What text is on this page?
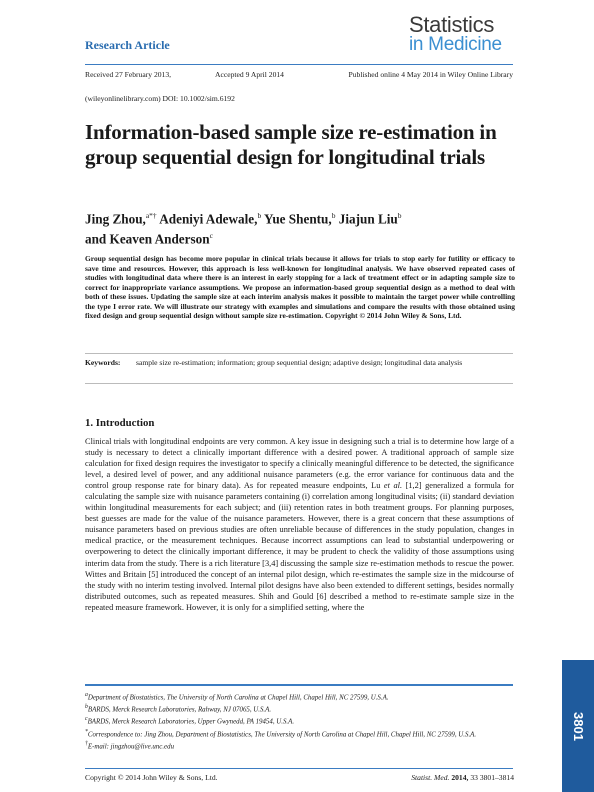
Research Article
Statistics
in Medicine
Received 27 February 2013,	Accepted 9 April 2014	Published online 4 May 2014 in Wiley Online Library
(wileyonlinelibrary.com) DOI: 10.1002/sim.6192
Information-based sample size re-estimation in group sequential design for longitudinal trials
Jing Zhou,$^{a*\dagger}$ Adeniyi Adewale,$^b$ Yue Shentu,$^b$ Jiajun Liu$^b$
and Keaven Anderson$^c$
Group sequential design has become more popular in clinical trials because it allows for trials to stop early for futility or efficacy to save time and resources. However, this approach is less well-known for longitudinal analysis. We have observed repeated cases of studies with longitudinal data where there is an interest in early stopping for a lack of treatment effect or in adapting sample size to correct for inappropriate variance assumptions. We propose an information-based group sequential design as a method to deal with both of these issues. Updating the sample size at each interim analysis makes it possible to maintain the target power while controlling the type I error rate. We will illustrate our strategy with examples and simulations and compare the results with those obtained using fixed design and group sequential design without sample size re-estimation. Copyright © 2014 John Wiley & Sons, Ltd.
Keywords: sample size re-estimation; information; group sequential design; adaptive design; longitudinal data analysis
1. Introduction
Clinical trials with longitudinal endpoints are very common. A key issue in designing such a trial is to determine how large of a study is necessary to detect a clinically important difference with a desired power. A traditional approach of sample size calculation for fixed design requires the investigator to specify a clinically meaningful difference to be detected, the significance level, a desired level of power, and any additional nuisance parameters (e.g. the error variance for continuous data and the control group response rate for binary data). As for repeated measure endpoints, Lu et al. [1,2] generalized a formula for calculating the sample size with nuisance parameters containing (i) correlation among longitudinal visits; (ii) standard deviation within longitudinal measurements for each subject; and (iii) retention rates in both treatment groups. For planning purposes, best guesses are made for the value of the nuisance parameters. However, there is a great concern that these assumptions of nuisance parameters based on previous studies are often unreliable because of differences in the study population, changes in medical practice, or the measurement techniques. Because incorrect assumptions can lead to substantial underpowering or overpowering to detect the clinically important difference, it may be prudent to check the validity of those assumptions using interim data from the study. There is a rich literature [3,4] discussing the sample size re-estimation methods to rescue the power. Wittes and Britain [5] introduced the concept of an internal pilot design, which re-estimates the sample size in the midcourse of the study with no interim testing involved. Internal pilot designs have also been extended to different settings, besides normally distributed outcomes, such as repeated measures. Shih and Gould [6] described a method to re-estimate sample size in the repeated measure framework. However, it is only for a simplified setting, where the
$^a$Department of Biostatistics, The University of North Carolina at Chapel Hill, Chapel Hill, NC 27599, U.S.A.
$^b$BARDS, Merck Research Laboratories, Rahway, NJ 07065, U.S.A.
$^c$BARDS, Merck Research Laboratories, Upper Gwynedd, PA 19454, U.S.A.
*Correspondence to: Jing Zhou, Department of Biostatistics, The University of North Carolina at Chapel Hill, Chapel Hill, NC 27599, U.S.A.
†E-mail: jingzhou@live.unc.edu
3801
Copyright © 2014 John Wiley & Sons, Ltd.	Statist. Med. 2014, 33 3801–3814
